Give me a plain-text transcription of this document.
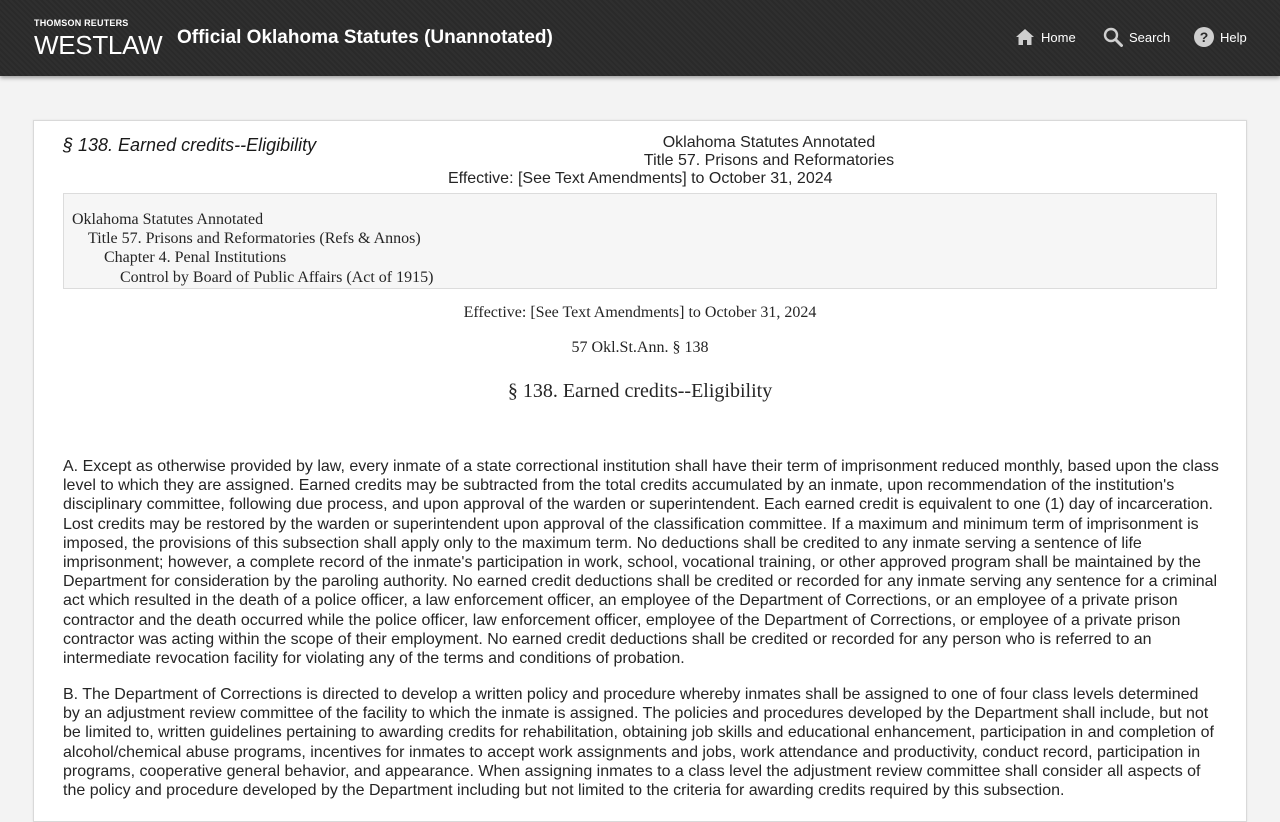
THOMSON REUTERS
WESTLAW Official Oklahoma Statutes (Unannotated)	Home	Search ? Help
§ 138. Earned credits--Eligibility	Oklahoma Statutes Annotated
Title 57. Prisons and Reformatories
Effective: [See Text Amendments] to October 31, 2024
Oklahoma Statutes Annotated
Title 57. Prisons and Reformatories (Refs & Annos)
Chapter 4. Penal Institutions
Control by Board of Public Affairs (Act of 1915)
Effective: [See Text Amendments] to October 31, 2024
57 Okl.St.Ann. § 138
§ 138. Earned credits--Eligibility
A. Except as otherwise provided by law, every inmate of a state correctional institution shall have their term of imprisonment reduced monthly, based upon the class level to which they are assigned. Earned credits may be subtracted from the total credits accumulated by an inmate, upon recommendation of the institution's disciplinary committee, following due process, and upon approval of the warden or superintendent. Each earned credit is equivalent to one (1) day of incarceration. Lost credits may be restored by the warden or superintendent upon approval of the classification committee. If a maximum and minimum term of imprisonment is imposed, the provisions of this subsection shall apply only to the maximum term. No deductions shall be credited to any inmate serving a sentence of life imprisonment; however, a complete record of the inmate's participation in work, school, vocational training, or other approved program shall be maintained by the Department for consideration by the paroling authority. No earned credit deductions shall be credited or recorded for any inmate serving any sentence for a criminal act which resulted in the death of a police officer, a law enforcement officer, an employee of the Department of Corrections, or an employee of a private prison contractor and the death occurred while the police officer, law enforcement officer, employee of the Department of Corrections, or employee of a private prison contractor was acting within the scope of their employment. No earned credit deductions shall be credited or recorded for any person who is referred to an intermediate revocation facility for violating any of the terms and conditions of probation.
B. The Department of Corrections is directed to develop a written policy and procedure whereby inmates shall be assigned to one of four class levels determined by an adjustment review committee of the facility to which the inmate is assigned. The policies and procedures developed by the Department shall include, but not be limited to, written guidelines pertaining to awarding credits for rehabilitation, obtaining job skills and educational enhancement, participation in and completion of alcohol/chemical abuse programs, incentives for inmates to accept work assignments and jobs, work attendance and productivity, conduct record, participation in programs, cooperative general behavior, and appearance. When assigning inmates to a class level the adjustment review committee shall consider all aspects of the policy and procedure developed by the Department including but not limited to the criteria for awarding credits required by this subsection.
